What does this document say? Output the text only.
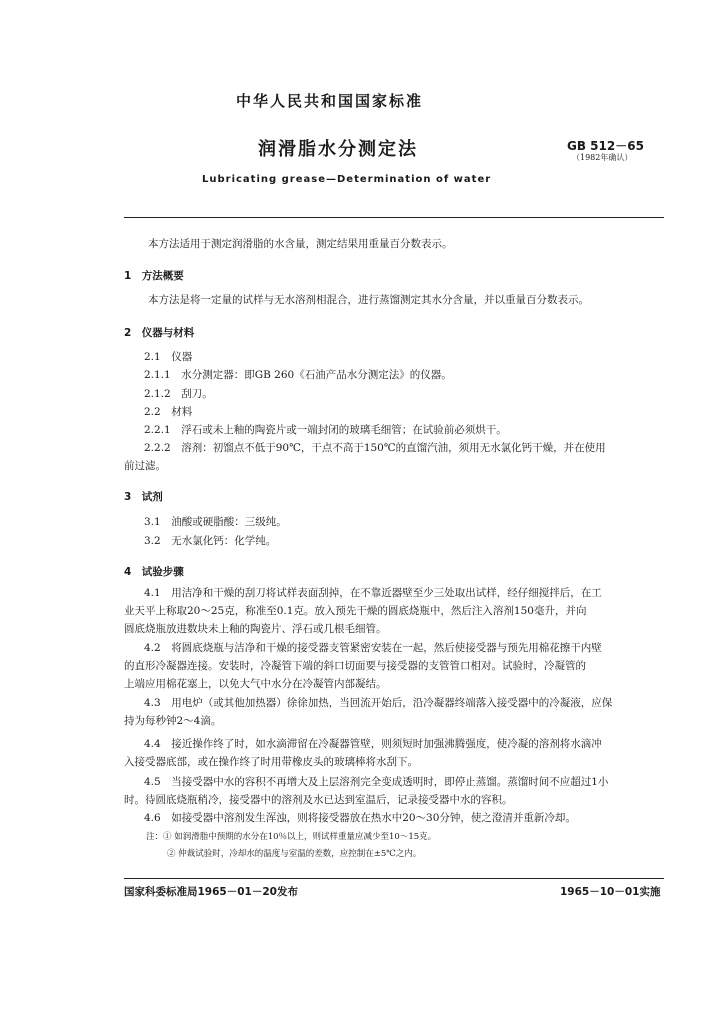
中华人民共和国国家标准
润滑脂水分测定法	GB 512－65
（1982年确认）
Lubricating grease—Determination of water
本方法适用于测定润滑脂的水含量，测定结果用重量百分数表示。
1　方法概要
本方法是将一定量的试样与无水溶剂相混合，进行蒸馏测定其水分含量，并以重量百分数表示。
2　仪器与材料
2.1　仪器
2.1.1　水分测定器：即GB 260《石油产品水分测定法》的仪器。
2.1.2　刮刀。
2.2　材料
2.2.1　浮石或未上釉的陶瓷片或一端封闭的玻璃毛细管；在试验前必须烘干。
2.2.2　溶剂：初馏点不低于90℃，干点不高于150℃的直馏汽油，须用无水氯化钙干燥，并在使用
前过滤。
3　试剂
3.1　油酸或硬脂酸：三级纯。
3.2　无水氯化钙：化学纯。
4　试验步骤
4.1　用洁净和干燥的刮刀将试样表面刮掉，在不靠近器壁至少三处取出试样，经仔细搅拌后，在工
业天平上称取20～25克，称准至0.1克。放入预先干燥的圆底烧瓶中，然后注入溶剂150毫升，并向
圆底烧瓶放进数块未上釉的陶瓷片、浮石或几根毛细管。
4.2　将圆底烧瓶与洁净和干燥的接受器支管紧密安装在一起，然后使接受器与预先用棉花擦干内壁
的直形冷凝器连接。安装时，冷凝管下端的斜口切面要与接受器的支管管口相对。试验时，冷凝管的
上端应用棉花塞上，以免大气中水分在冷凝管内部凝结。
4.3　用电炉（或其他加热器）徐徐加热，当回流开始后，沿冷凝器终端落入接受器中的冷凝液，应保
持为每秒钟2～4滴。
4.4　接近操作终了时，如水滴滞留在冷凝器管壁，则须短时加强沸腾强度，使冷凝的溶剂将水滴冲
入接受器底部，或在操作终了时用带橡皮头的玻璃棒将水刮下。
4.5　当接受器中水的容积不再增大及上层溶剂完全变成透明时，即停止蒸馏。蒸馏时间不应超过1小
时。待圆底烧瓶稍冷，接受器中的溶剂及水已达到室温后，记录接受器中水的容积。
4.6　如接受器中溶剂发生浑浊，则将接受器放在热水中20～30分钟，使之澄清并重新冷却。
注：① 如润滑脂中预期的水分在10％以上，则试样重量应减少至10～15克。
② 仲裁试验时，冷却水的温度与室温的差数，应控制在±5℃之内。
国家科委标准局1965－01－20发布	1965－10－01实施
